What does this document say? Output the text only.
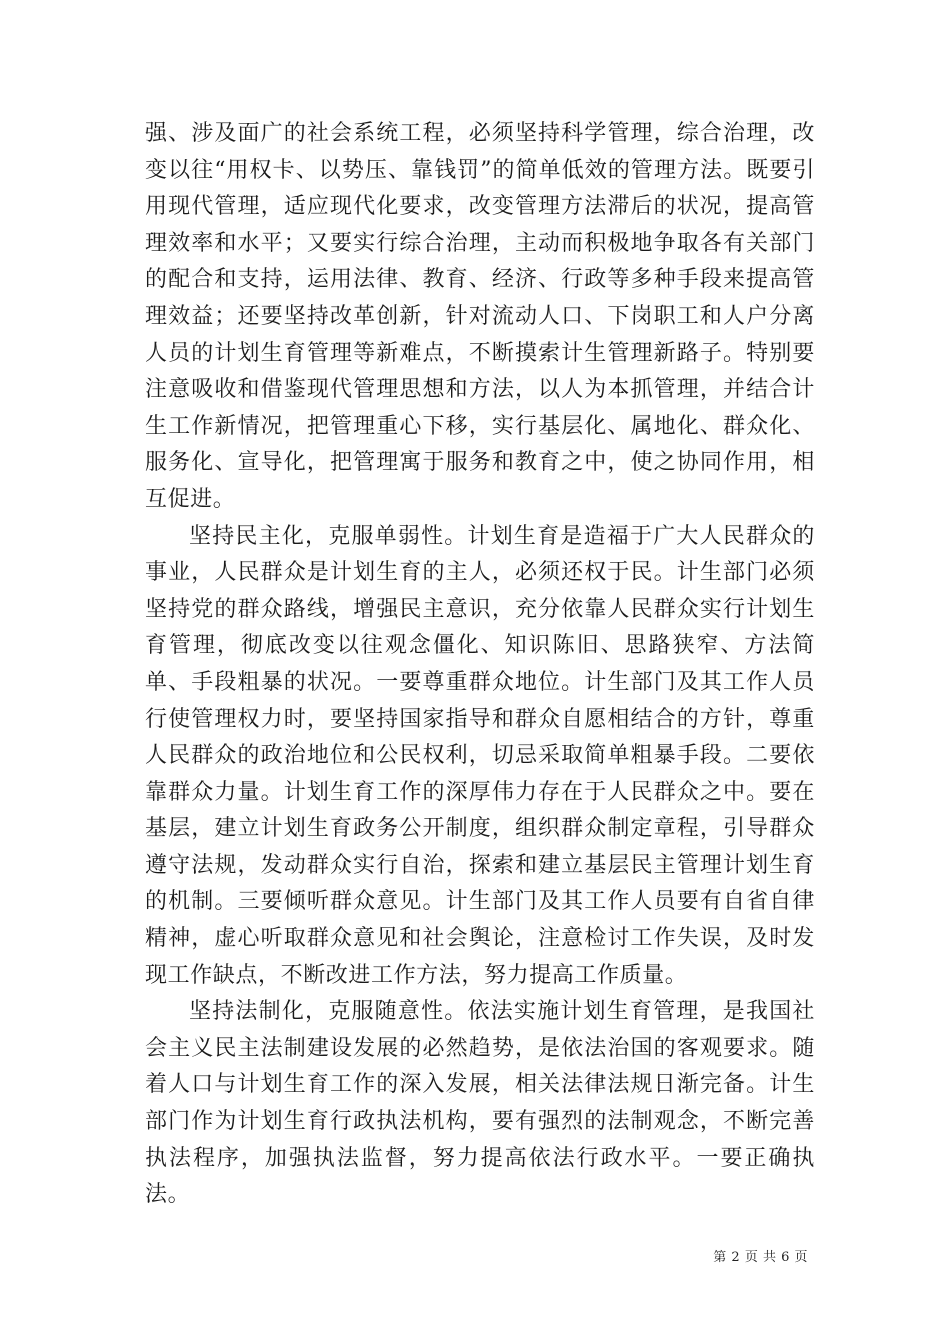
强、涉及面广的社会系统工程，必须坚持科学管理，综合治理，改变以往“用权卡、以势压、靠钱罚”的简单低效的管理方法。既要引用现代管理，适应现代化要求，改变管理方法滞后的状况，提高管理效率和水平；又要实行综合治理，主动而积极地争取各有关部门的配合和支持，运用法律、教育、经济、行政等多种手段来提高管理效益；还要坚持改革创新，针对流动人口、下岗职工和人户分离人员的计划生育管理等新难点，不断摸索计生管理新路子。特别要注意吸收和借鉴现代管理思想和方法，以人为本抓管理，并结合计生工作新情况，把管理重心下移，实行基层化、属地化、群众化、服务化、宣导化，把管理寓于服务和教育之中，使之协同作用，相互促进。

坚持民主化，克服单弱性。计划生育是造福于广大人民群众的事业，人民群众是计划生育的主人，必须还权于民。计生部门必须坚持党的群众路线，增强民主意识，充分依靠人民群众实行计划生育管理，彻底改变以往观念僵化、知识陈旧、思路狭窄、方法简单、手段粗暴的状况。一要尊重群众地位。计生部门及其工作人员行使管理权力时，要坚持国家指导和群众自愿相结合的方针，尊重人民群众的政治地位和公民权利，切忌采取简单粗暴手段。二要依靠群众力量。计划生育工作的深厚伟力存在于人民群众之中。要在基层，建立计划生育政务公开制度，组织群众制定章程，引导群众遵守法规，发动群众实行自治，探索和建立基层民主管理计划生育的机制。三要倾听群众意见。计生部门及其工作人员要有自省自律精神，虚心听取群众意见和社会舆论，注意检讨工作失误，及时发现工作缺点，不断改进工作方法，努力提高工作质量。

坚持法制化，克服随意性。依法实施计划生育管理，是我国社会主义民主法制建设发展的必然趋势，是依法治国的客观要求。随着人口与计划生育工作的深入发展，相关法律法规日渐完备。计生部门作为计划生育行政执法机构，要有强烈的法制观念，不断完善执法程序，加强执法监督，努力提高依法行政水平。一要正确执法。

第 2 页 共 6 页
